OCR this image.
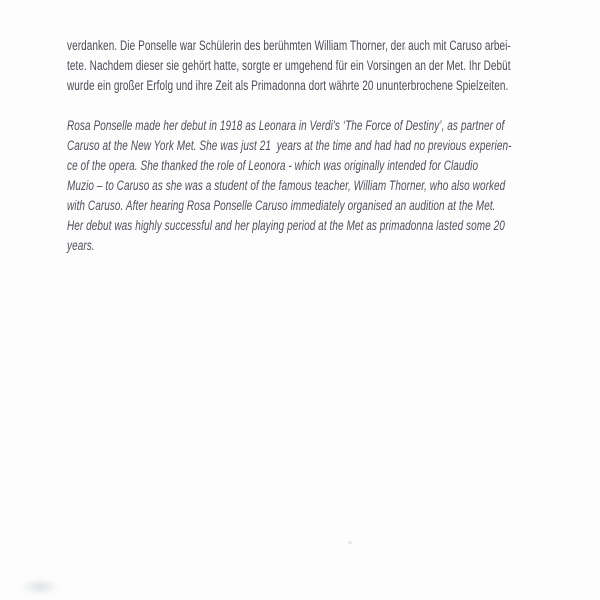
verdanken. Die Ponselle war Schülerin des berühmten William Thorner, der auch mit Caruso arbei-
tete. Nachdem dieser sie gehört hatte, sorgte er umgehend für ein Vorsingen an der Met. Ihr Debüt
wurde ein großer Erfolg und ihre Zeit als Primadonna dort währte 20 ununterbrochene Spielzeiten.
Rosa Ponselle made her debut in 1918 as Leonara in Verdi's ‘The Force of Destiny’, as partner of
Caruso at the New York Met. She was just 21  years at the time and had had no previous experien-
ce of the opera. She thanked the role of Leonora - which was originally intended for Claudio
Muzio – to Caruso as she was a student of the famous teacher, William Thorner, who also worked
with Caruso. After hearing Rosa Ponselle Caruso immediately organised an audition at the Met.
Her debut was highly successful and her playing period at the Met as primadonna lasted some 20
years.
